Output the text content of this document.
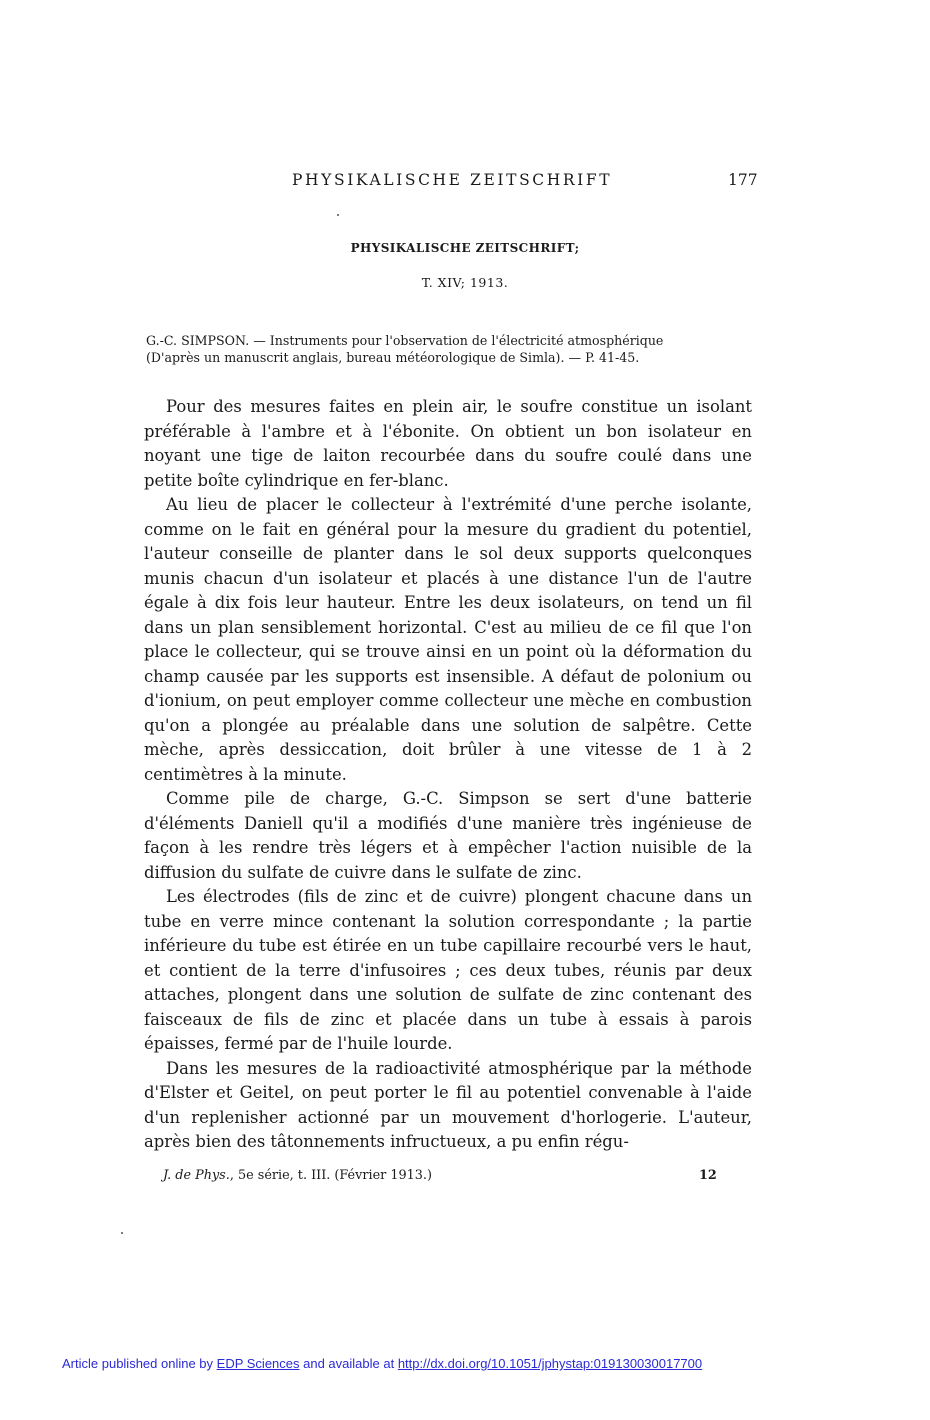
PHYSIKALISCHE ZEITSCHRIFT	177
PHYSIKALISCHE ZEITSCHRIFT;
T. XIV; 1913.
G.-C. SIMPSON. — Instruments pour l'observation de l'électricité atmosphérique
(D'après un manuscrit anglais, bureau météorologique de Simla). — P. 41-45.

Pour des mesures faites en plein air, le soufre constitue un isolant préférable à l'ambre et à l'ébonite. On obtient un bon isolateur en noyant une tige de laiton recourbée dans du soufre coulé dans une petite boîte cylindrique en fer-blanc.

Au lieu de placer le collecteur à l'extrémité d'une perche isolante, comme on le fait en général pour la mesure du gradient du potentiel, l'auteur conseille de planter dans le sol deux supports quelconques munis chacun d'un isolateur et placés à une distance l'un de l'autre égale à dix fois leur hauteur. Entre les deux isolateurs, on tend un fil dans un plan sensiblement horizontal. C'est au milieu de ce fil que l'on place le collecteur, qui se trouve ainsi en un point où la déformation du champ causée par les supports est insensible. A défaut de polonium ou d'ionium, on peut employer comme collecteur une mèche en combustion qu'on a plongée au préalable dans une solution de salpêtre. Cette mèche, après dessiccation, doit brûler à une vitesse de 1 à 2 centimètres à la minute.

Comme pile de charge, G.-C. Simpson se sert d'une batterie d'éléments Daniell qu'il a modifiés d'une manière très ingénieuse de façon à les rendre très légers et à empêcher l'action nuisible de la diffusion du sulfate de cuivre dans le sulfate de zinc.

Les électrodes (fils de zinc et de cuivre) plongent chacune dans un tube en verre mince contenant la solution correspondante ; la partie inférieure du tube est étirée en un tube capillaire recourbé vers le haut, et contient de la terre d'infusoires ; ces deux tubes, réunis par deux attaches, plongent dans une solution de sulfate de zinc contenant des faisceaux de fils de zinc et placée dans un tube à essais à parois épaisses, fermé par de l'huile lourde.

Dans les mesures de la radioactivité atmosphérique par la méthode d'Elster et Geitel, on peut porter le fil au potentiel convenable à l'aide d'un replenisher actionné par un mouvement d'horlogerie. L'auteur, après bien des tâtonnements infructueux, a pu enfin régu-

J. de Phys., 5e série, t. III. (Février 1913.)	12
Article published online by EDP Sciences and available at http://dx.doi.org/10.1051/jphystap:019130030017700
